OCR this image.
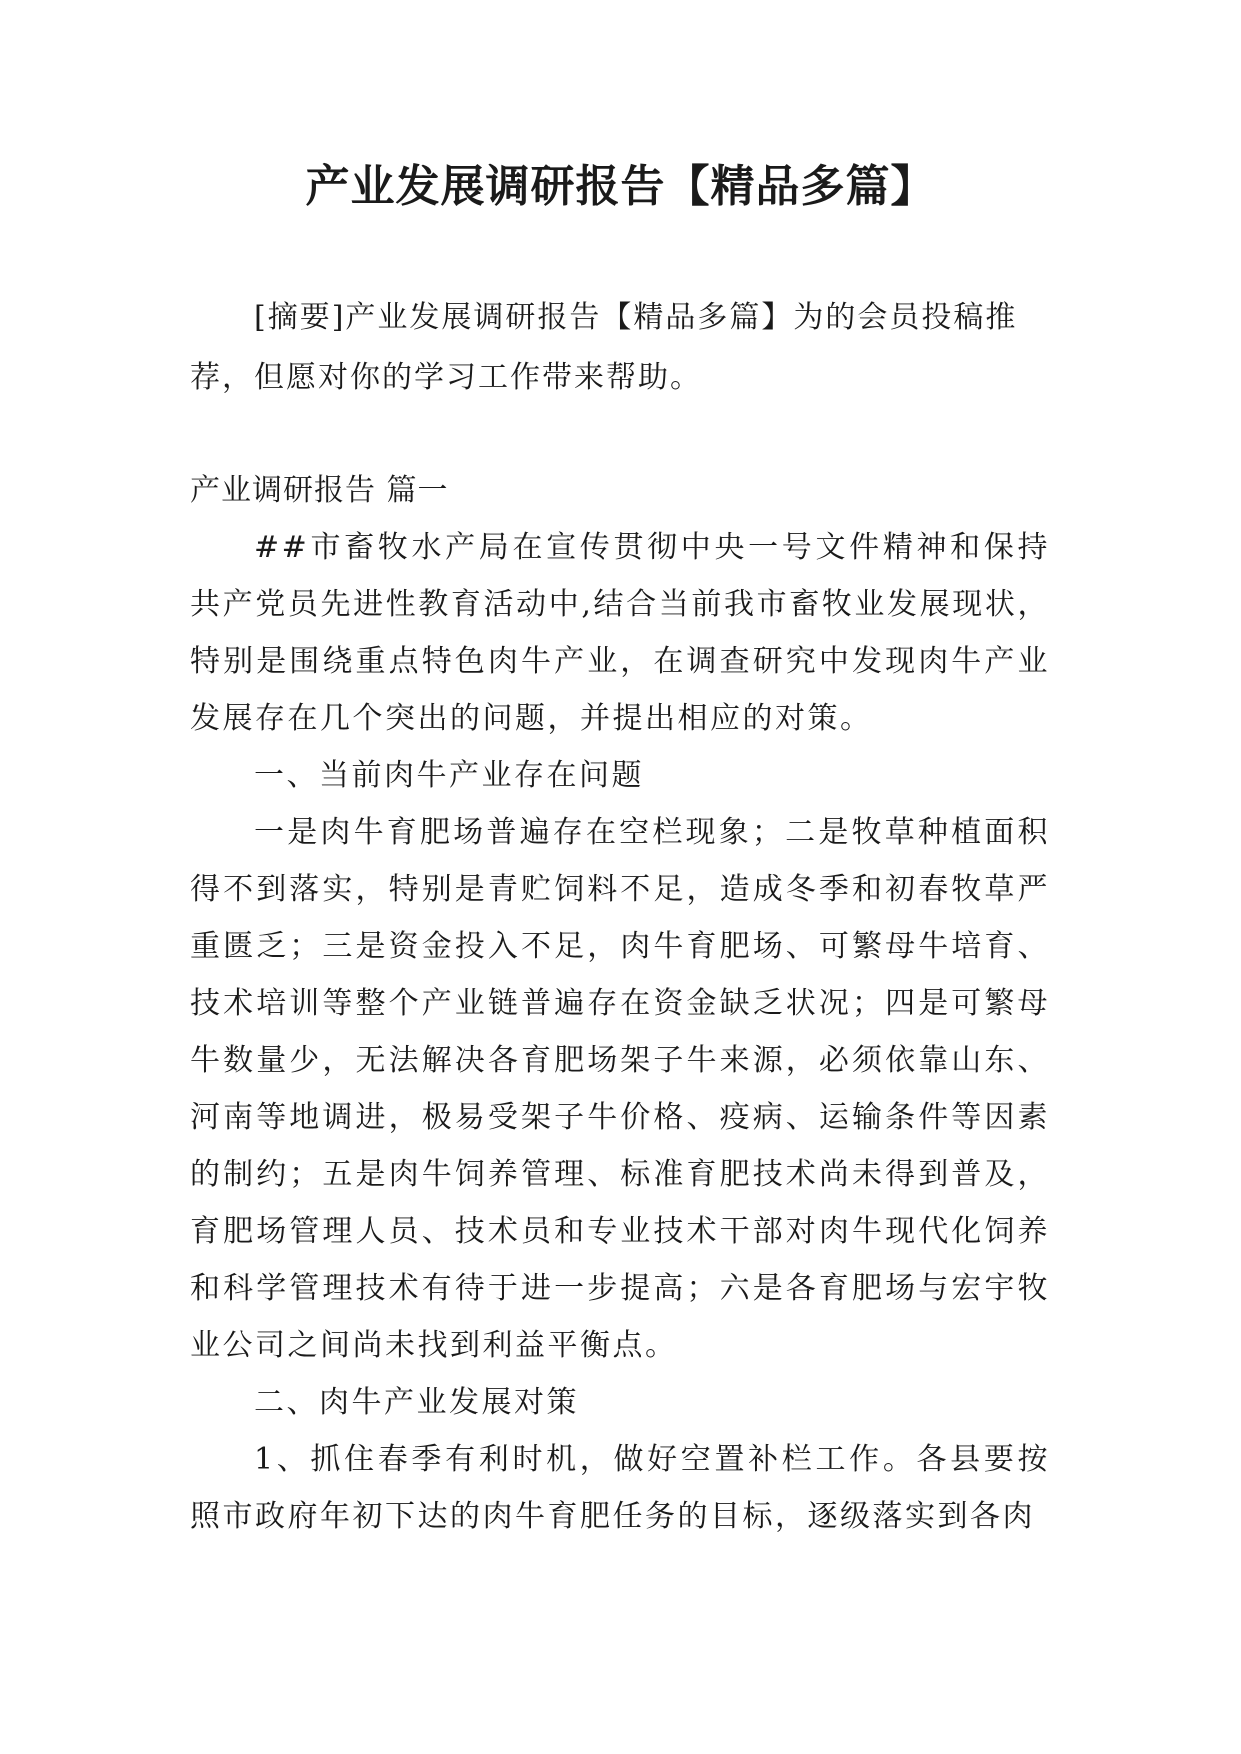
产业发展调研报告【精品多篇】

[摘要]产业发展调研报告【精品多篇】为的会员投稿推荐，但愿对你的学习工作带来帮助。

产业调研报告 篇一

##市畜牧水产局在宣传贯彻中央一号文件精神和保持共产党员先进性教育活动中,结合当前我市畜牧业发展现状，特别是围绕重点特色肉牛产业，在调查研究中发现肉牛产业发展存在几个突出的问题，并提出相应的对策。

一、当前肉牛产业存在问题

一是肉牛育肥场普遍存在空栏现象；二是牧草种植面积得不到落实，特别是青贮饲料不足，造成冬季和初春牧草严重匮乏；三是资金投入不足，肉牛育肥场、可繁母牛培育、技术培训等整个产业链普遍存在资金缺乏状况；四是可繁母牛数量少，无法解决各育肥场架子牛来源，必须依靠山东、河南等地调进，极易受架子牛价格、疫病、运输条件等因素的制约；五是肉牛饲养管理、标准育肥技术尚未得到普及，育肥场管理人员、技术员和专业技术干部对肉牛现代化饲养和科学管理技术有待于进一步提高；六是各育肥场与宏宇牧业公司之间尚未找到利益平衡点。

二、肉牛产业发展对策

1、抓住春季有利时机，做好空置补栏工作。各县要按照市政府年初下达的肉牛育肥任务的目标，逐级落实到各肉
